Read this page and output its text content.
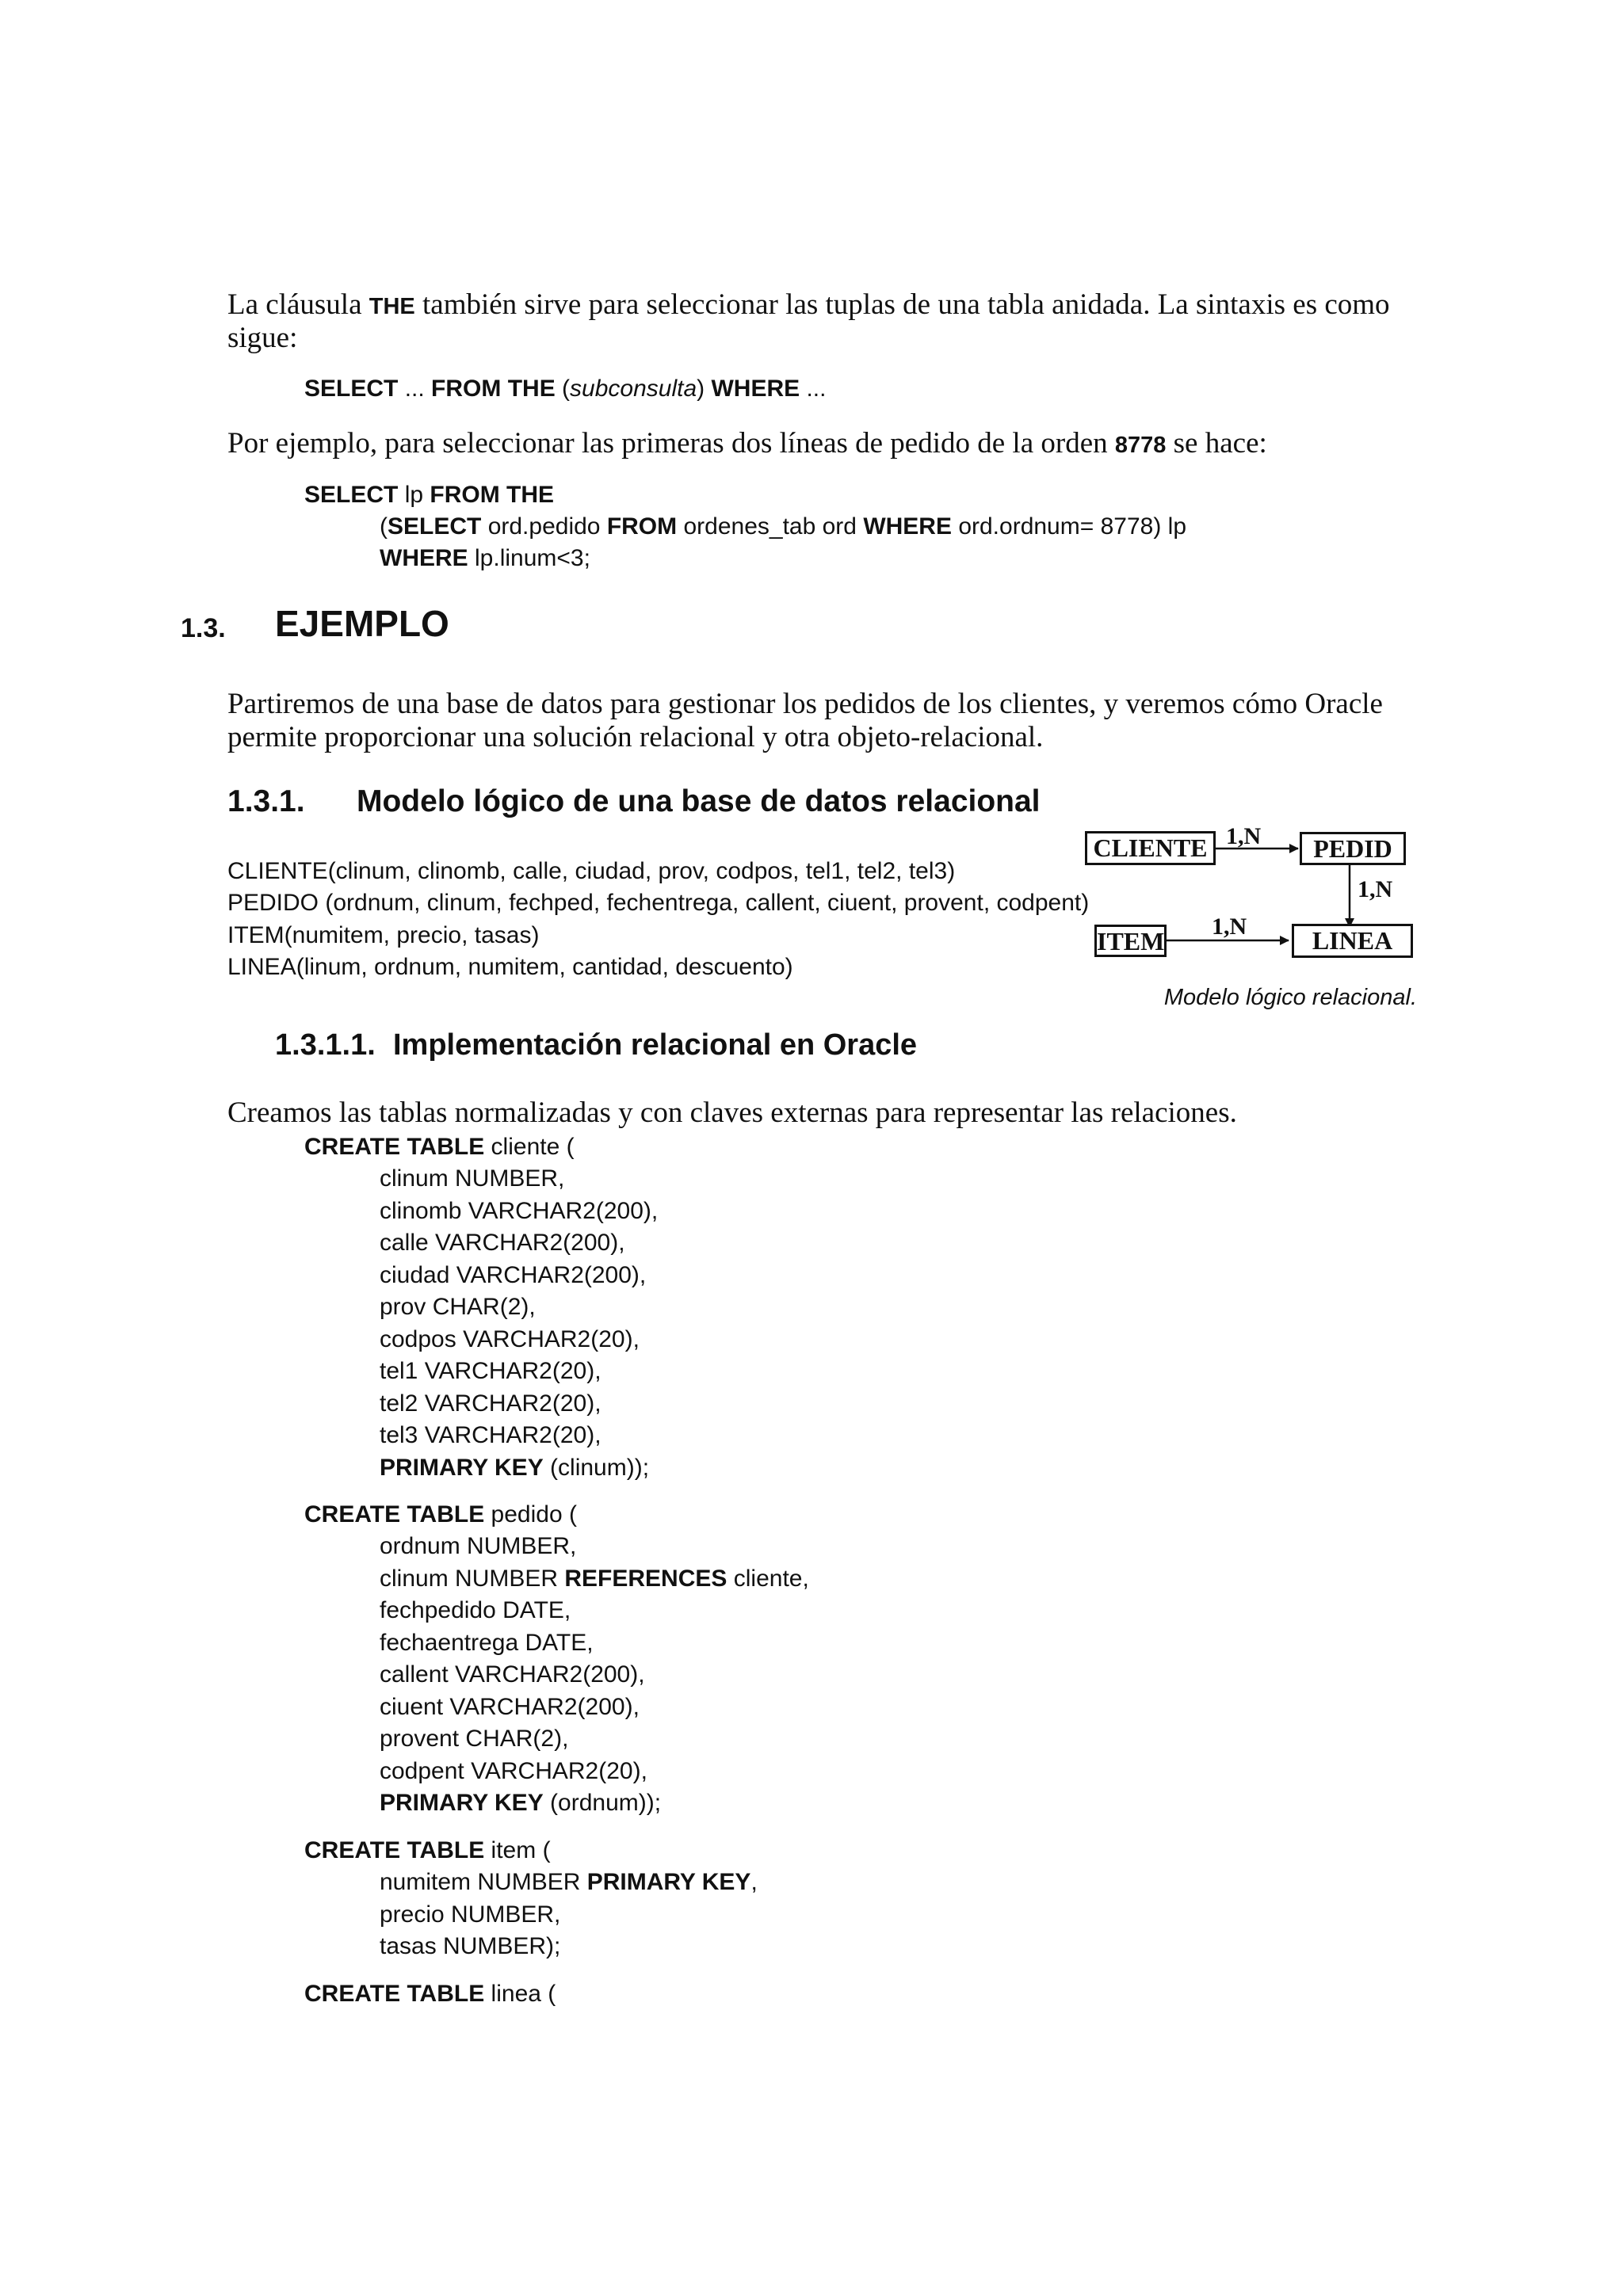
La cláusula THE también sirve para seleccionar las tuplas de una tabla anidada. La sintaxis es como
sigue:
SELECT ... FROM THE (subconsulta) WHERE ...
Por ejemplo, para seleccionar las primeras dos líneas de pedido de la orden 8778 se hace:
SELECT lp FROM THE
(SELECT ord.pedido FROM ordenes_tab ord WHERE ord.ordnum= 8778) lp
WHERE lp.linum<3;
1.3. EJEMPLO
Partiremos de una base de datos para gestionar los pedidos de los clientes, y veremos cómo Oracle
permite proporcionar una solución relacional y otra objeto-relacional.
1.3.1. Modelo lógico de una base de datos relacional
CLIENTE(clinum, clinomb, calle, ciudad, prov, codpos, tel1, tel2, tel3)
PEDIDO (ordnum, clinum, fechped, fechentrega, callent, ciuent, provent, codpent)
ITEM(numitem, precio, tasas)
LINEA(linum, ordnum, numitem, cantidad, descuento)
CLIENTE	PEDID
ITEM	LINEA
1,N
1,N
1,N
Modelo lógico relacional.
1.3.1.1. Implementación relacional en Oracle
Creamos las tablas normalizadas y con claves externas para representar las relaciones.
CREATE TABLE cliente (
clinum NUMBER,
clinomb VARCHAR2(200),
calle VARCHAR2(200),
ciudad VARCHAR2(200),
prov CHAR(2),
codpos VARCHAR2(20),
tel1 VARCHAR2(20),
tel2 VARCHAR2(20),
tel3 VARCHAR2(20),
PRIMARY KEY (clinum));
CREATE TABLE pedido (
ordnum NUMBER,
clinum NUMBER REFERENCES cliente,
fechpedido DATE,
fechaentrega DATE,
callent VARCHAR2(200),
ciuent VARCHAR2(200),
provent CHAR(2),
codpent VARCHAR2(20),
PRIMARY KEY (ordnum));
CREATE TABLE item (
numitem NUMBER PRIMARY KEY,
precio NUMBER,
tasas NUMBER);
CREATE TABLE linea (
